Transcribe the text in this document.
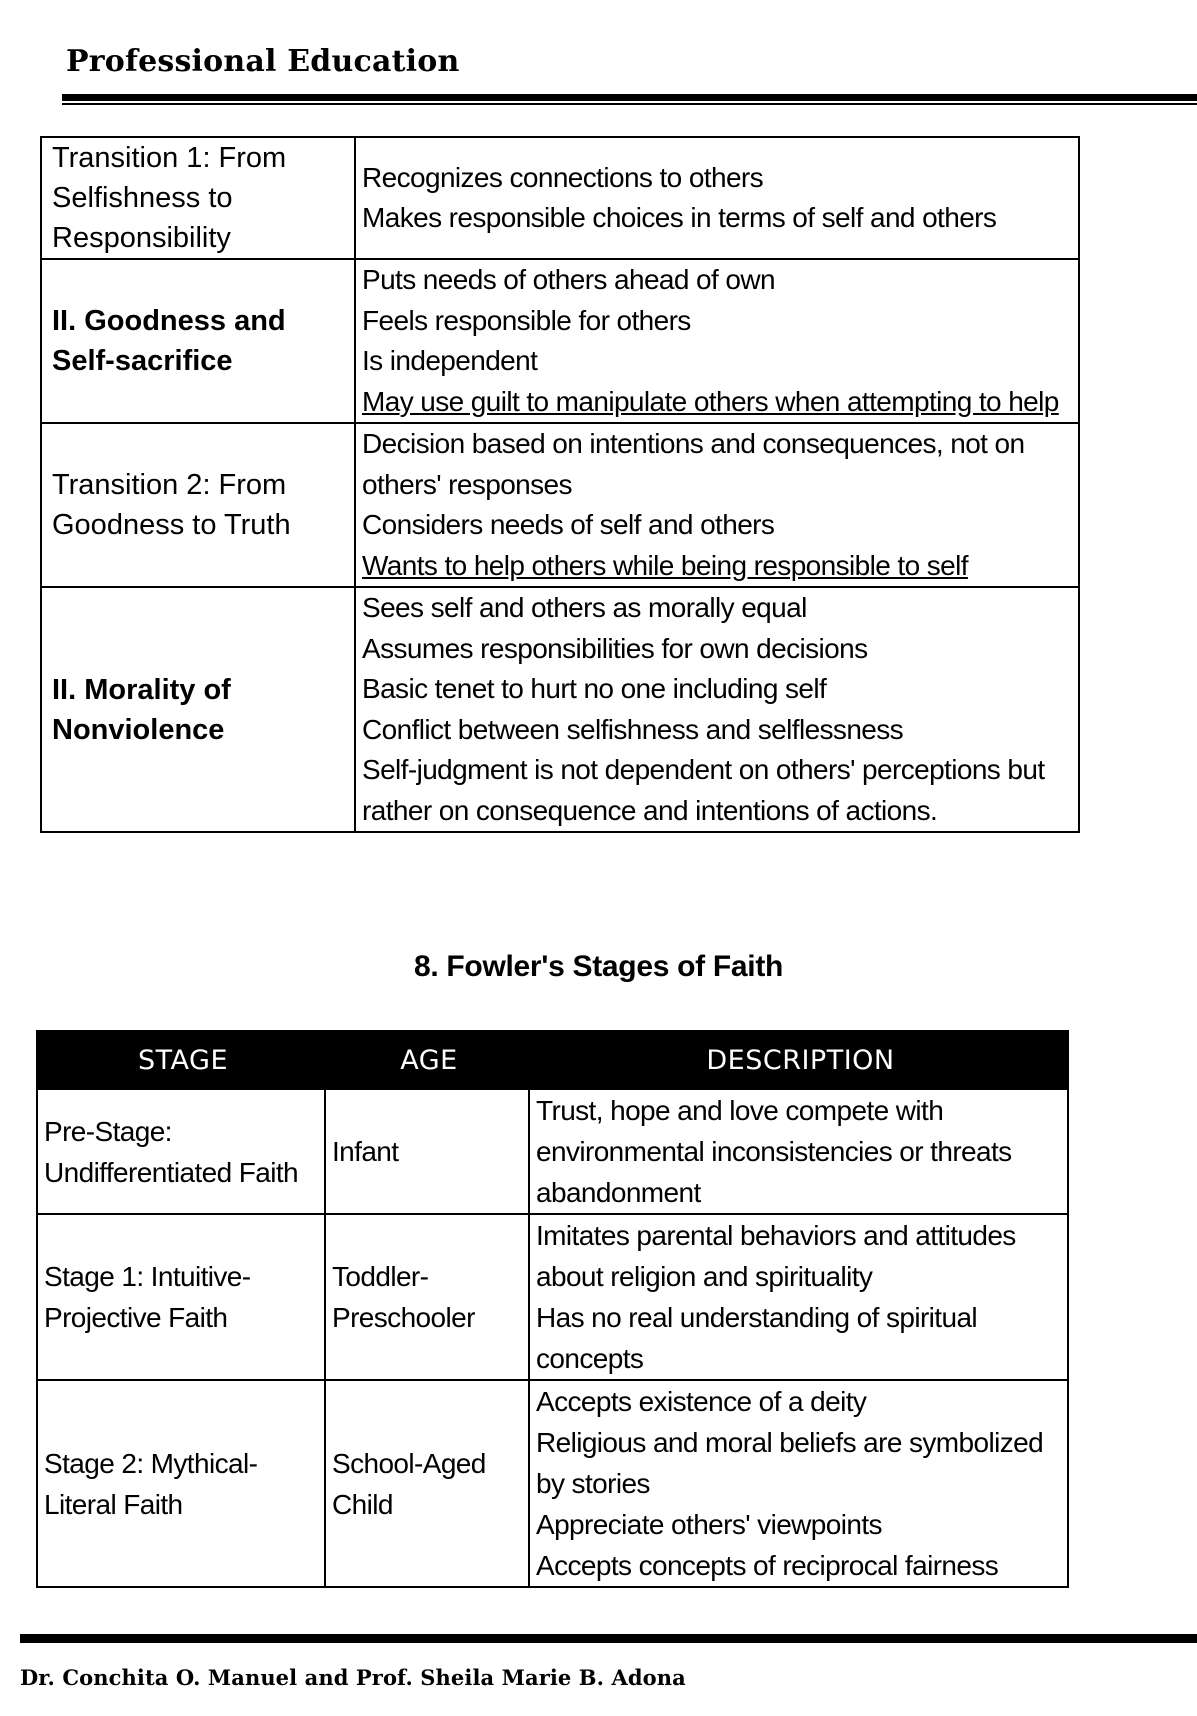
Professional Education
Transition 1: From Selfishness to Responsibility	Recognizes connections to others
Makes responsible choices in terms of self and others

II. Goodness and Self-sacrifice	Puts needs of others ahead of own
Feels responsible for others
Is independent
May use guilt to manipulate others when attempting to help

Transition 2: From Goodness to Truth	Decision based on intentions and consequences, not on others' responses
Considers needs of self and others
Wants to help others while being responsible to self

II. Morality of Nonviolence	Sees self and others as morally equal
Assumes responsibilities for own decisions
Basic tenet to hurt no one including self
Conflict between selfishness and selflessness
Self-judgment is not dependent on others' perceptions but rather on consequence and intentions of actions.
8. Fowler's Stages of Faith
STAGE	AGE	DESCRIPTION
Pre-Stage: Undifferentiated Faith	Infant	Trust, hope and love compete with environmental inconsistencies or threats abandonment

Stage 1: Intuitive-Projective Faith	Toddler-Preschooler	Imitates parental behaviors and attitudes about religion and spirituality
Has no real understanding of spiritual concepts

Stage 2: Mythical-Literal Faith	School-Aged Child	Accepts existence of a deity
Religious and moral beliefs are symbolized by stories
Appreciate others' viewpoints
Accepts concepts of reciprocal fairness
Dr. Conchita O. Manuel and Prof. Sheila Marie B. Adona
